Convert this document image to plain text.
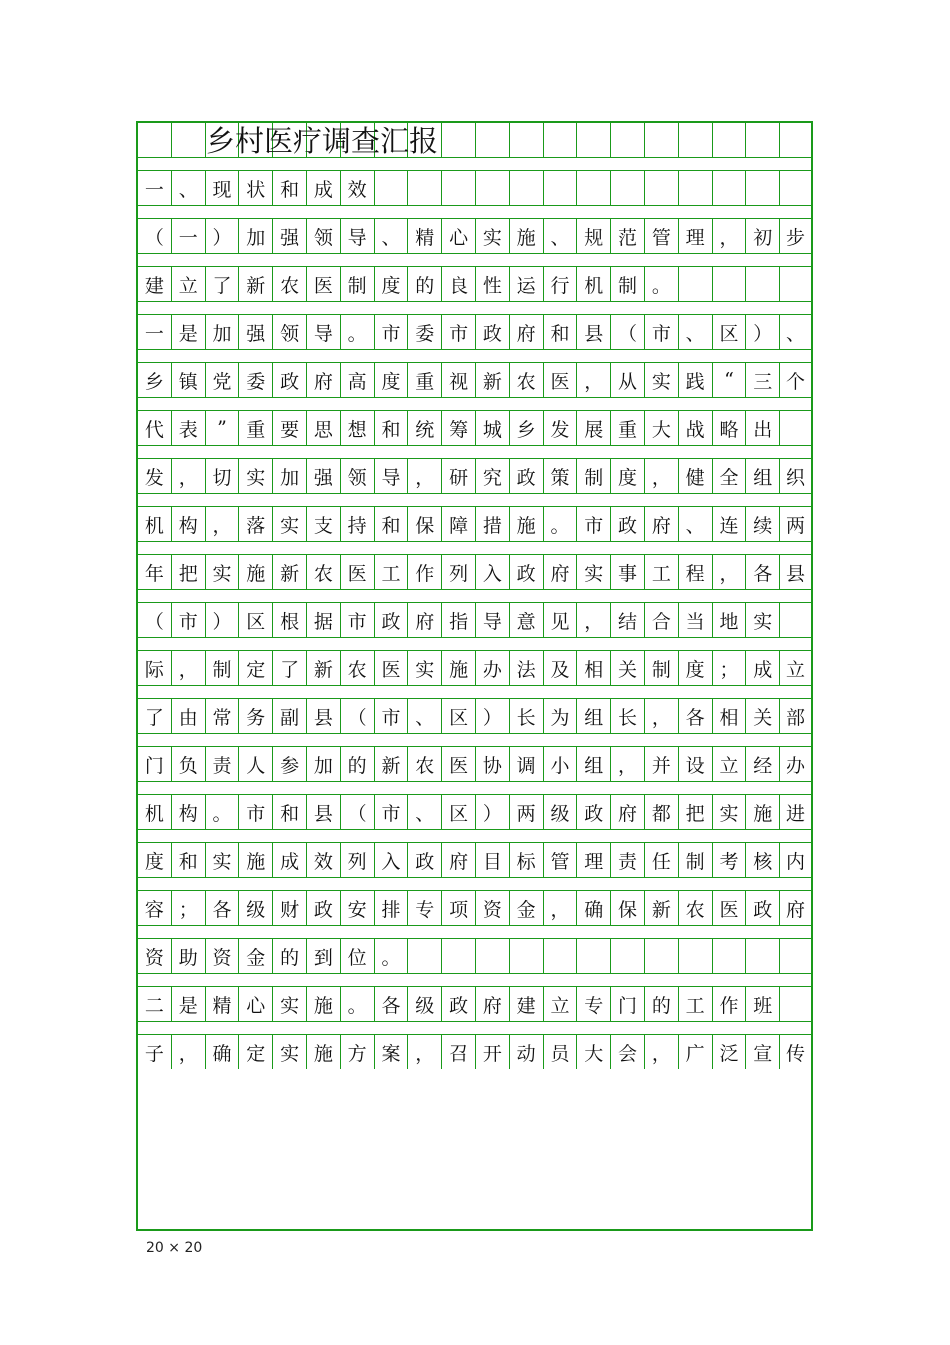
子 ， 确 定 实 施 方 案 ， 召 开 动 员 大 会 ， 广 泛 宣 传
二 是 精 心 实 施 。 各 级 政 府 建 立 专 门 的 工 作 班
资 助 资 金 的 到 位 。
容 ； 各 级 财 政 安 排 专 项 资 金 ， 确 保 新 农 医 政 府
度 和 实 施 成 效 列 入 政 府 目 标 管 理 责 任 制 考 核 内
机 构 。 市 和 县 （ 市 、 区 ） 两 级 政 府 都 把 实 施 进
门 负 责 人 参 加 的 新 农 医 协 调 小 组 ， 并 设 立 经 办
了 由 常 务 副 县 （ 市 、 区 ） 长 为 组 长 ， 各 相 关 部
际 ， 制 定 了 新 农 医 实 施 办 法 及 相 关 制 度 ； 成 立
（ 市 ） 区 根 据 市 政 府 指 导 意 见 ， 结 合 当 地 实
年 把 实 施 新 农 医 工 作 列 入 政 府 实 事 工 程 ， 各 县
机 构 ， 落 实 支 持 和 保 障 措 施 。 市 政 府 、 连 续 两
发 ， 切 实 加 强 领 导 ， 研 究 政 策 制 度 ， 健 全 组 织
代 表	”	重 要 思 想 和 统 筹 城 乡 发 展 重 大 战 略 出
乡 镇 党 委 政 府 高 度 重 视 新 农 医 ， 从 实 践	“	三 个
一 是 加 强 领 导 。 市 委 市 政 府 和 县 （ 市 、 区 ） 、
建 立 了 新 农 医 制 度 的 良 性 运 行 机 制 。
（ 一 ） 加 强 领 导 、 精 心 实 施 、 规 范 管 理 ， 初 步
一 、 现 状 和 成 效
乡村医疗调查汇报
20 × 20
